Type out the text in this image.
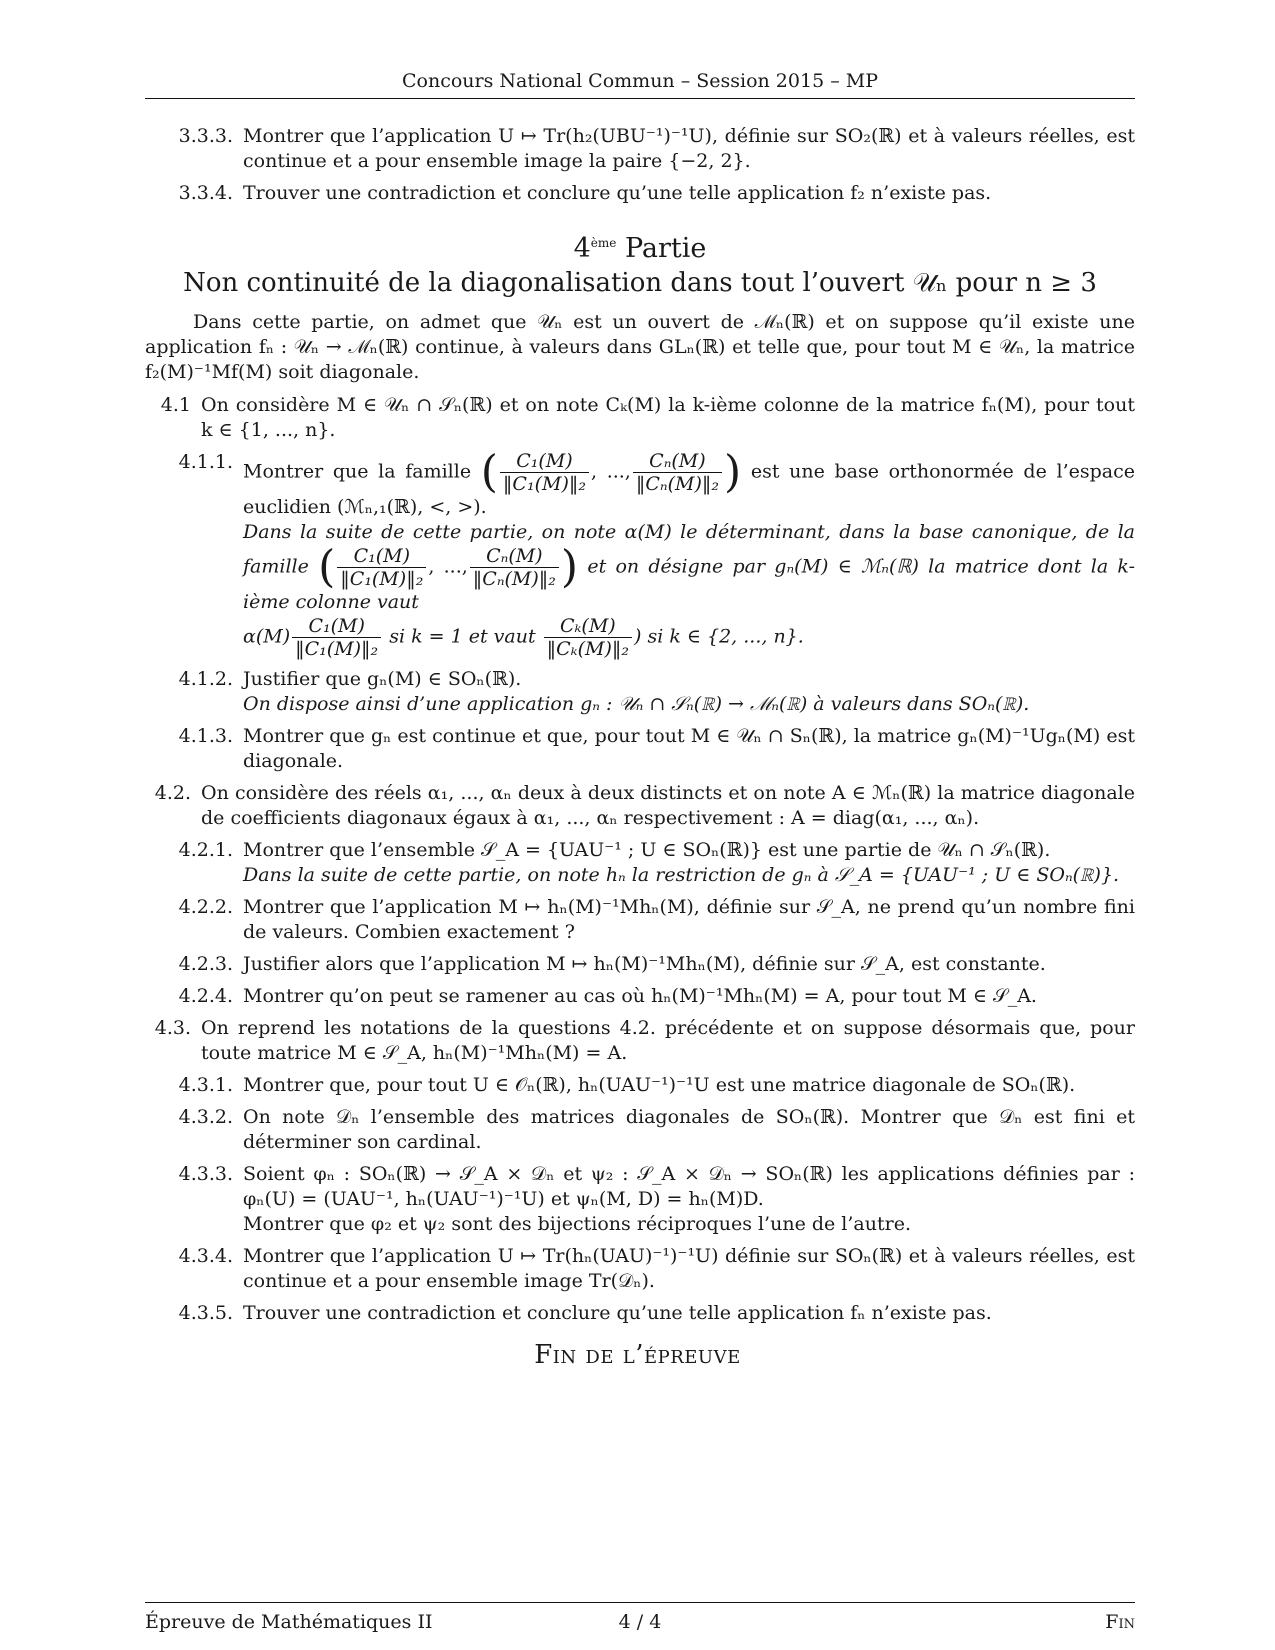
Concours National Commun – Session 2015 – MP
3.3.3. Montrer que l’application U ↦ Tr(h₂(UBU⁻¹)⁻¹U), définie sur SO₂(ℝ) et à valeurs réelles, est continue et a pour ensemble image la paire {−2, 2}.
3.3.4. Trouver une contradiction et conclure qu’une telle application f₂ n’existe pas.
4ème Partie
Non continuité de la diagonalisation dans tout l’ouvert 𝒰ₙ pour n ≥ 3
Dans cette partie, on admet que 𝒰ₙ est un ouvert de ℳₙ(ℝ) et on suppose qu’il existe une application fₙ : 𝒰ₙ → ℳₙ(ℝ) continue, à valeurs dans GLₙ(ℝ) et telle que, pour tout M ∈ 𝒰ₙ, la matrice f₂(M)⁻¹Mf(M) soit diagonale.
4.1 On considère M ∈ 𝒰ₙ ∩ 𝒮ₙ(ℝ) et on note Cₖ(M) la k-ième colonne de la matrice fₙ(M), pour tout k ∈ {1, ..., n}.
4.1.1. Montrer que la famille ( $\frac{\text{C₁(M)}}{\text{‖C₁(M)‖₂}}$ , ..., $\frac{\text{Cₙ(M)}}{\text{‖Cₙ(M)‖₂}}$ ) est une base orthonormée de l’espace euclidien (ℳₙ,₁(ℝ), <, >).
Dans la suite de cette partie, on note α(M) le déterminant, dans la base canonique, de la famille ( $\frac{\text{C₁(M)}}{\text{‖C₁(M)‖₂}}$ , ..., $\frac{\text{Cₙ(M)}}{\text{‖Cₙ(M)‖₂}}$ ) et on désigne par gₙ(M) ∈ ℳₙ(ℝ) la matrice dont la k-ième colonne vaut
$\alpha(M) \frac{\text{C₁(M)}}{\text{‖C₁(M)‖₂}}$ si k = 1 et vaut $\frac{\text{Cₖ(M)}}{\text{‖Cₖ(M)‖₂}}$ ) si k ∈ {2, ..., n}.
4.1.2. Justifier que gₙ(M) ∈ SOₙ(ℝ).
On dispose ainsi d’une application gₙ : 𝒰ₙ ∩ 𝒮ₙ(ℝ) → ℳₙ(ℝ) à valeurs dans SOₙ(ℝ).
4.1.3. Montrer que gₙ est continue et que, pour tout M ∈ 𝒰ₙ ∩ Sₙ(ℝ), la matrice gₙ(M)⁻¹Ugₙ(M) est diagonale.
4.2. On considère des réels α₁, ..., αₙ deux à deux distincts et on note A ∈ ℳₙ(ℝ) la matrice diagonale de coefficients diagonaux égaux à α₁, ..., αₙ respectivement : A = diag(α₁, ..., αₙ).
4.2.1. Montrer que l’ensemble 𝒮_A = {UAU⁻¹ ; U ∈ SOₙ(ℝ)} est une partie de 𝒰ₙ ∩ 𝒮ₙ(ℝ).
Dans la suite de cette partie, on note hₙ la restriction de gₙ à 𝒮_A = {UAU⁻¹ ; U ∈ SOₙ(ℝ)}.
4.2.2. Montrer que l’application M ↦ hₙ(M)⁻¹Mhₙ(M), définie sur 𝒮_A, ne prend qu’un nombre fini de valeurs. Combien exactement ?
4.2.3. Justifier alors que l’application M ↦ hₙ(M)⁻¹Mhₙ(M), définie sur 𝒮_A, est constante.
4.2.4. Montrer qu’on peut se ramener au cas où hₙ(M)⁻¹Mhₙ(M) = A, pour tout M ∈ 𝒮_A.
4.3. On reprend les notations de la questions 4.2. précédente et on suppose désormais que, pour toute matrice M ∈ 𝒮_A, hₙ(M)⁻¹Mhₙ(M) = A.
4.3.1. Montrer que, pour tout U ∈ 𝒪ₙ(ℝ), hₙ(UAU⁻¹)⁻¹U est une matrice diagonale de SOₙ(ℝ).
4.3.2. On note 𝒟ₙ l’ensemble des matrices diagonales de SOₙ(ℝ). Montrer que 𝒟ₙ est fini et déterminer son cardinal.
4.3.3. Soient φₙ : SOₙ(ℝ) → 𝒮_A × 𝒟ₙ et ψ₂ : 𝒮_A × 𝒟ₙ → SOₙ(ℝ) les applications définies par : φₙ(U) = (UAU⁻¹, hₙ(UAU⁻¹)⁻¹U) et ψₙ(M, D) = hₙ(M)D.
Montrer que φ₂ et ψ₂ sont des bijections réciproques l’une de l’autre.
4.3.4. Montrer que l’application U ↦ Tr(hₙ(UAU)⁻¹)⁻¹U) définie sur SOₙ(ℝ) et à valeurs réelles, est continue et a pour ensemble image Tr(𝒟ₙ).
4.3.5. Trouver une contradiction et conclure qu’une telle application fₙ n’existe pas.
Fin de l’épreuve
Épreuve de Mathématiques II	4 / 4	Fin
